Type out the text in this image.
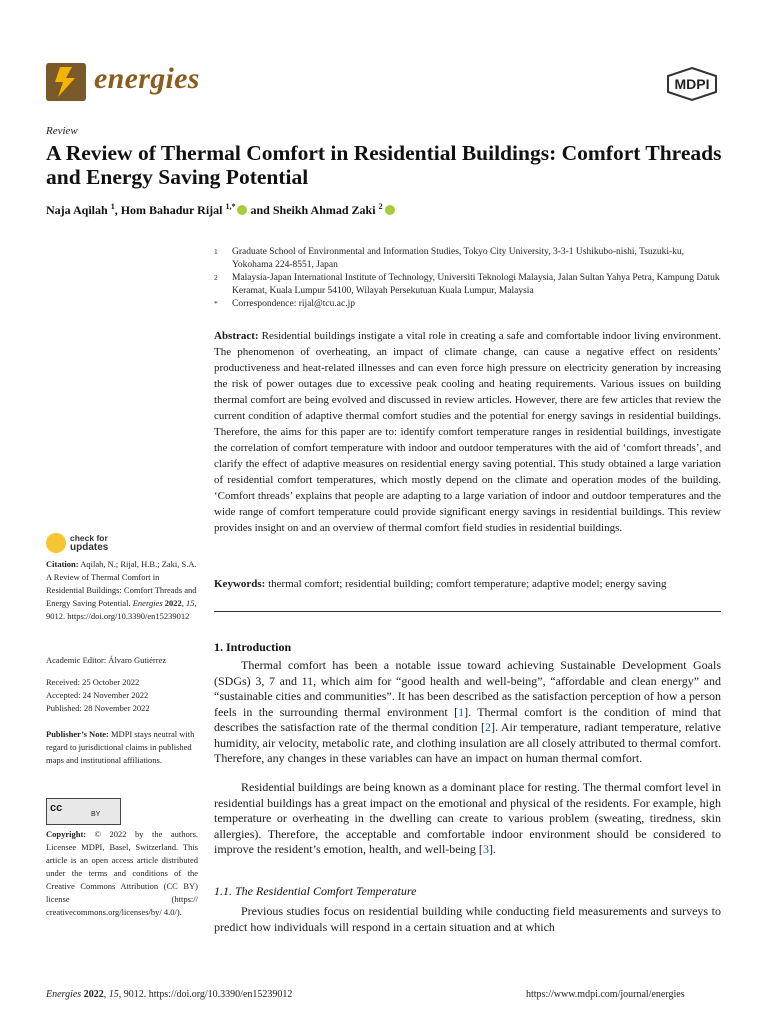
energies	MDPI
Review
A Review of Thermal Comfort in Residential Buildings: Comfort Threads and Energy Saving Potential
Naja Aqilah $^1$, Hom Bahadur Rijal $^{1,*}$ and Sheikh Ahmad Zaki $^2$
1 Graduate School of Environmental and Information Studies, Tokyo City University, 3-3-1 Ushikubo-nishi, Tsuzuki-ku, Yokohama 224-8551, Japan
2 Malaysia-Japan International Institute of Technology, Universiti Teknologi Malaysia, Jalan Sultan Yahya Petra, Kampung Datuk Keramat, Kuala Lumpur 54100, Wilayah Persekutuan Kuala Lumpur, Malaysia
* Correspondence: rijal@tcu.ac.jp
Abstract: Residential buildings instigate a vital role in creating a safe and comfortable indoor living environment. The phenomenon of overheating, an impact of climate change, can cause a negative effect on residents’ productiveness and heat-related illnesses and can even force high pressure on electricity generation by increasing the risk of power outages due to excessive peak cooling and heating requirements. Various issues on building thermal comfort are being evolved and discussed in review articles. However, there are few articles that review the current condition of adaptive thermal comfort studies and the potential for energy savings in residential buildings. Therefore, the aims for this paper are to: identify comfort temperature ranges in residential buildings, investigate the correlation of comfort temperature with indoor and outdoor temperatures with the aid of ‘comfort threads’, and clarify the effect of adaptive measures on residential energy saving potential. This study obtained a large variation of residential comfort temperatures, which mostly depend on the climate and operation modes of the building. ‘Comfort threads’ explains that people are adapting to a large variation of indoor and outdoor temperatures and the wide range of comfort temperature could provide significant energy savings in residential buildings. This review provides insight on and an overview of thermal comfort field studies in residential buildings.
Keywords: thermal comfort; residential building; comfort temperature; adaptive model; energy saving
1. Introduction
Thermal comfort has been a notable issue toward achieving Sustainable Development Goals (SDGs) 3, 7 and 11, which aim for “good health and well-being”, “affordable and clean energy” and “sustainable cities and communities”. It has been described as the satisfaction perception of how a person feels in the surrounding thermal environment [1]. Thermal comfort is the condition of mind that describes the satisfaction rate of the thermal condition [2]. Air temperature, radiant temperature, relative humidity, air velocity, metabolic rate, and clothing insulation are all closely attributed to thermal comfort. Therefore, any changes in these variables can have an impact on human thermal comfort.
Residential buildings are being known as a dominant place for resting. The thermal comfort level in residential buildings has a great impact on the emotional and physical of the residents. For example, high temperature or overheating in the dwelling can create to various problem (sweating, tiredness, skin allergies). Therefore, the acceptable and comfortable indoor environment should be considered to improve the resident’s emotion, health, and well-being [3].
1.1. The Residential Comfort Temperature
Previous studies focus on residential building while conducting field measurements and surveys to predict how individuals will respond in a certain situation and at which
check for
updates
Citation: Aqilah, N.; Rijal, H.B.; Zaki, S.A. A Review of Thermal Comfort in Residential Buildings: Comfort Threads and Energy Saving Potential. Energies 2022, 15, 9012. https://doi.org/10.3390/en15239012
Academic Editor: Álvaro Gutiérrez
Received: 25 October 2022
Accepted: 24 November 2022
Published: 28 November 2022
Publisher’s Note: MDPI stays neutral with regard to jurisdictional claims in published maps and institutional affiliations.
cc
BY
Copyright: © 2022 by the authors. Licensee MDPI, Basel, Switzerland. This article is an open access article distributed under the terms and conditions of the Creative Commons Attribution (CC BY) license (https:// creativecommons.org/licenses/by/ 4.0/).
Energies 2022, 15, 9012. https://doi.org/10.3390/en15239012	https://www.mdpi.com/journal/energies
